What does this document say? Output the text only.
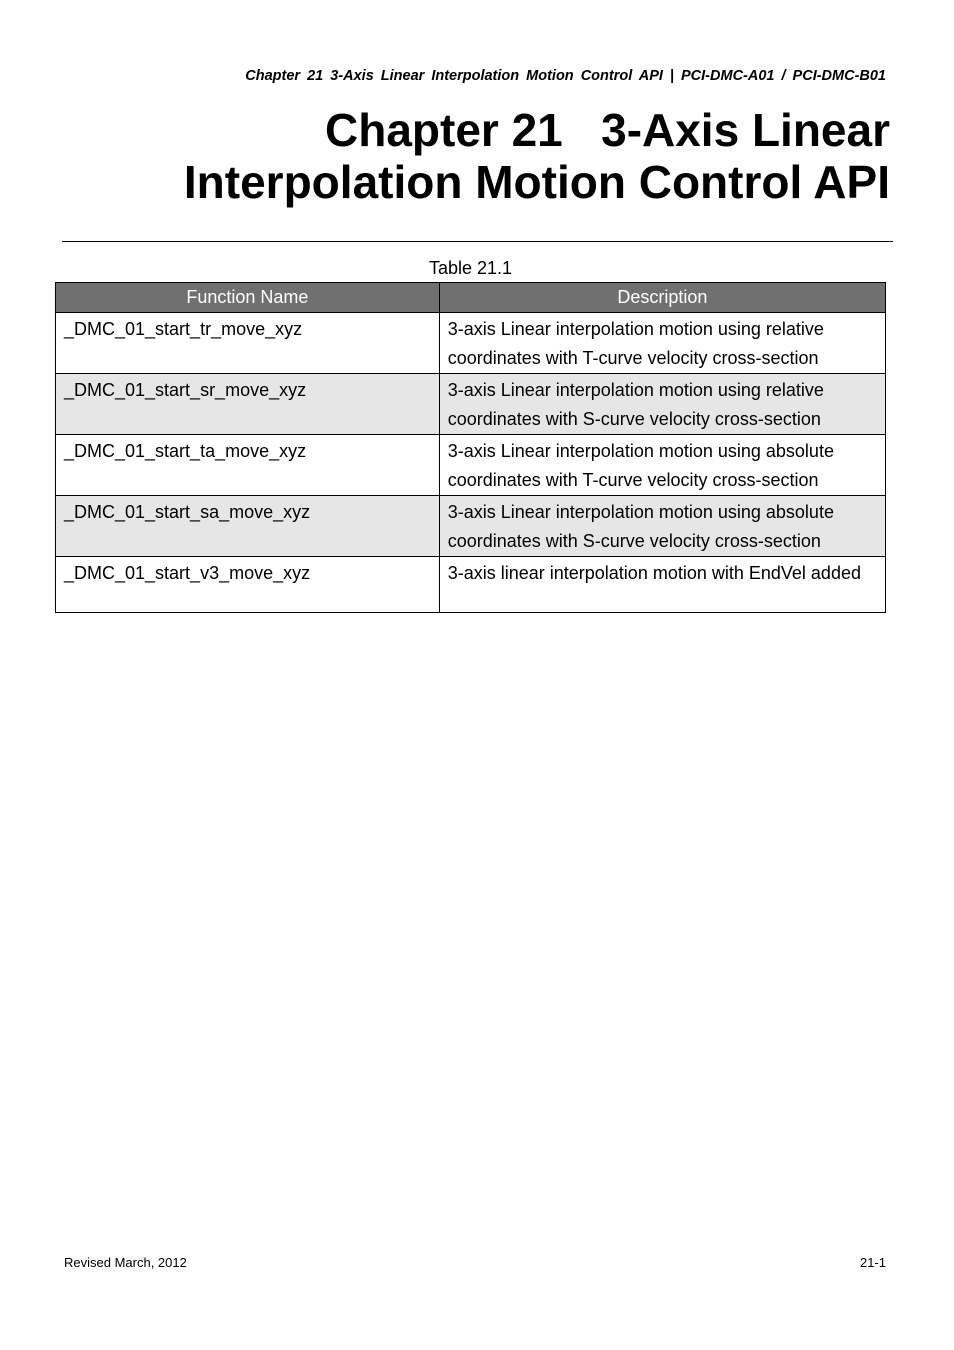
Chapter 21 3-Axis Linear Interpolation Motion Control API | PCI-DMC-A01 / PCI-DMC-B01
Chapter 21   3-Axis Linear
Interpolation Motion Control API
Table 21.1
Function Name	Description
_DMC_01_start_tr_move_xyz	3-axis Linear interpolation motion using relative coordinates with T-curve velocity cross-section
_DMC_01_start_sr_move_xyz	3-axis Linear interpolation motion using relative coordinates with S-curve velocity cross-section
_DMC_01_start_ta_move_xyz	3-axis Linear interpolation motion using absolute coordinates with T-curve velocity cross-section
_DMC_01_start_sa_move_xyz	3-axis Linear interpolation motion using absolute coordinates with S-curve velocity cross-section
_DMC_01_start_v3_move_xyz	3-axis linear interpolation motion with EndVel added
Revised March, 2012	21-1
